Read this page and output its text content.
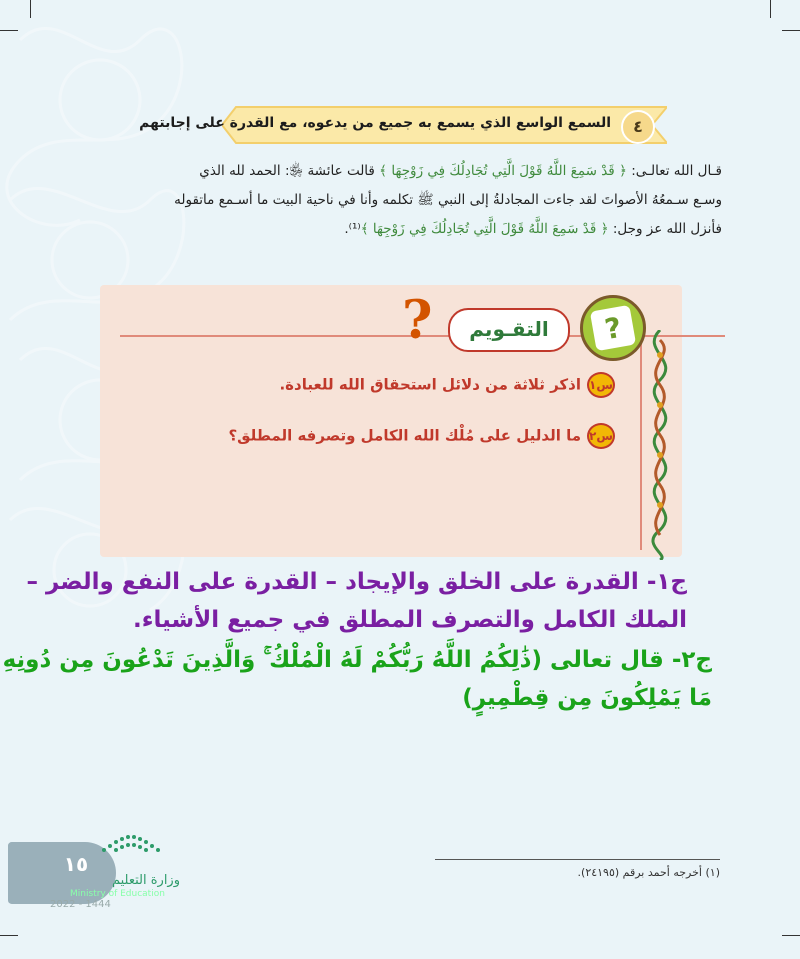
٤
السمع الواسع الذي يسمع به جميع من يدعوه، مع القدرة على إجابتهم
قـال الله تعالـى: ﴿ قَدْ سَمِعَ اللَّهُ قَوْلَ الَّتِي تُجَادِلُكَ فِي زَوْجِهَا ﴾ قالت عائشة ﵂: الحمد لله الذي
وسـع سـمعُهُ الأصواتَ لقد جاءت المجادلةُ إلى النبي ﷺ تكلمه وأنا في ناحية البيت ما أسـمع ماتقوله
فأنزل الله عز وجل: ﴿ قَدْ سَمِعَ اللَّهُ قَوْلَ الَّتِي تُجَادِلُكَ فِي زَوْجِهَا ﴾⁽¹⁾.
?	التقـويم	?
س١اذكر ثلاثة من دلائل استحقاق الله للعبادة.
س٢ما الدليل على مُلْك الله الكامل وتصرفه المطلق؟
ج١- القدرة على الخلق والإيجاد – القدرة على النفع والضر –
الملك الكامل والتصرف المطلق في جميع الأشياء.
ج٢- قال تعالى (ذَٰلِكُمُ اللَّهُ رَبُّكُمْ لَهُ الْمُلْكُ ۚ وَالَّذِينَ تَدْعُونَ مِن دُونِهِ
مَا يَمْلِكُونَ مِن قِطْمِيرٍ)
(١) أخرجه أحمد برقم (٢٤١٩٥).
١٥
وزارة التعليم
Ministry of Education
2022 - 1444
